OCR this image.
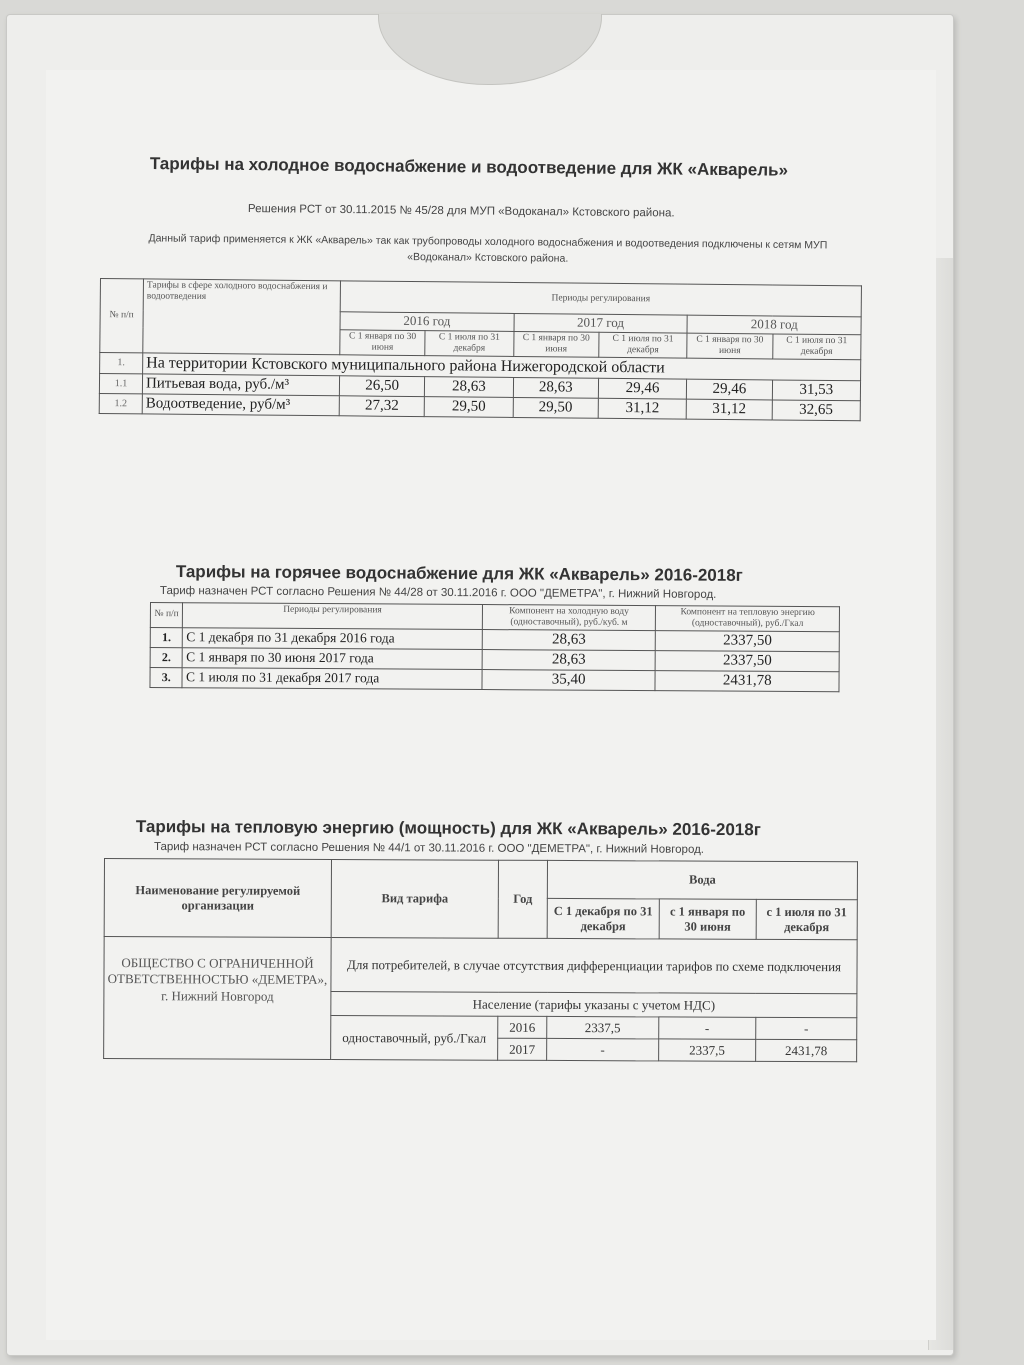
Тарифы на холодное водоснабжение и водоотведение для ЖК «Акварель»
Решения РСТ от 30.11.2015 № 45/28 для МУП «Водоканал» Кстовского района.
Данный тариф применяется к ЖК «Акварель» так как трубопроводы холодного водоснабжения и водоотведения подключены к сетям МУП «Водоканал» Кстовского района.
№ п/п	Тарифы в сфере холодного водоснабжения и водоотведения	Периоды регулирования					
		2016 год		2017 год		2018 год	
		С 1 января по 30 июня	С 1 июля по 31 декабря	С 1 января по 30 июня	С 1 июля по 31 декабря	С 1 января по 30 июня	С 1 июля по 31 декабря
1.	На территории Кстовского муниципального района Нижегородской области						
1.1	Питьевая вода, руб./м³	26,50	28,63	28,63	29,46	29,46	31,53
1.2	Водоотведение, руб/м³	27,32	29,50	29,50	31,12	31,12	32,65
Тарифы на горячее водоснабжение для ЖК «Акварель» 2016-2018г
Тариф назначен РСТ согласно Решения № 44/28 от 30.11.2016 г. ООО "ДЕМЕТРА", г. Нижний Новгород.
№ п/п	Периоды регулирования	Компонент на холодную воду (одноставочный), руб./куб. м	Компонент на тепловую энергию (одноставочный), руб./Гкал
1.	С 1 декабря по 31 декабря 2016 года	28,63	2337,50
2.	С 1 января по 30 июня 2017 года	28,63	2337,50
3.	С 1 июля по 31 декабря 2017 года	35,40	2431,78
Тарифы на тепловую энергию (мощность) для ЖК «Акварель» 2016-2018г
Тариф назначен РСТ согласно Решения № 44/1 от 30.11.2016 г. ООО "ДЕМЕТРА", г. Нижний Новгород.
Наименование регулируемой организации	Вид тарифа	Год	Вода		
			С 1 декабря по 31 декабря	с 1 января по 30 июня	с 1 июля по 31 декабря
ОБЩЕСТВО С ОГРАНИЧЕННОЙ ОТВЕТСТВЕННОСТЬЮ «ДЕМЕТРА», г. Нижний Новгород	Для потребителей, в случае отсутствия дифференциации тарифов по схеме подключения				
	Население (тарифы указаны с учетом НДС)				
	одноставочный, руб./Гкал	2016	2337,5	-	-
		2017	-	2337,5	2431,78
